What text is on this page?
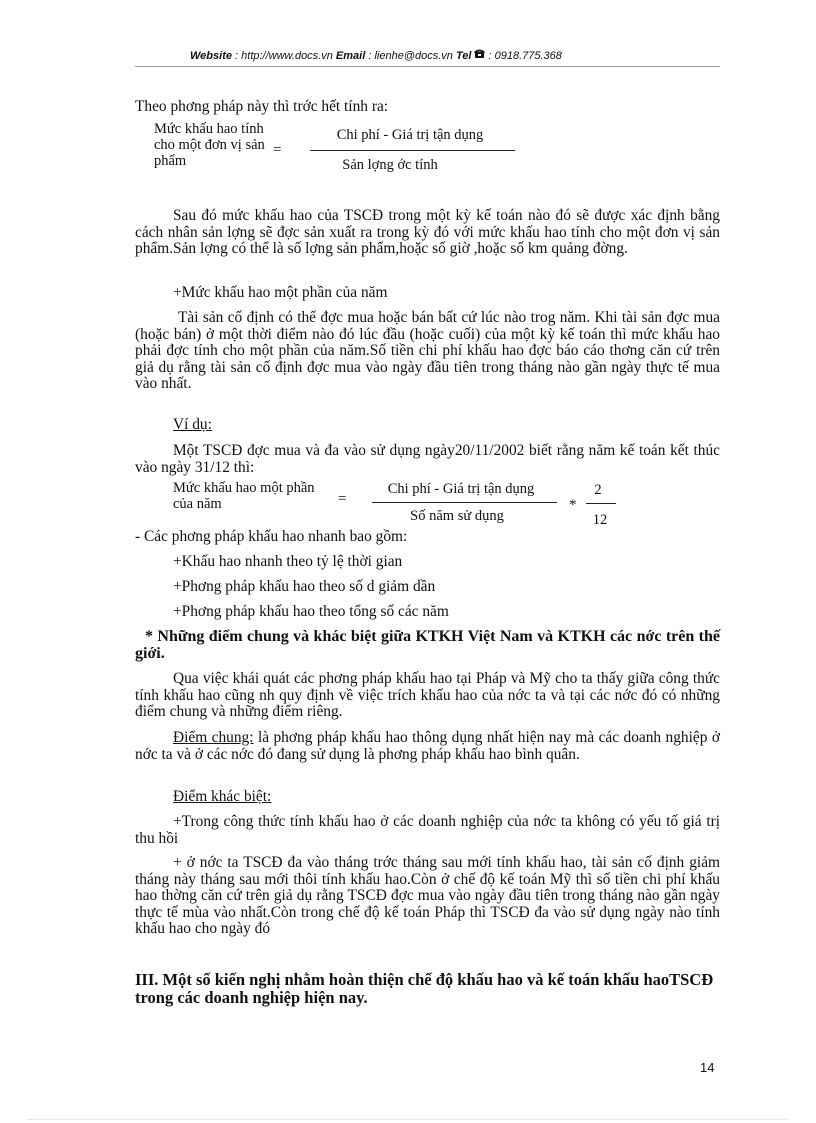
Website : http://www.docs.vn Email : lienhe@docs.vn Tel : 0918.775.368
Theo phơng pháp này thì trớc hết tính ra:
Mức khấu hao tính cho một đơn vị sản phẩm
=
Chi phí - Giá trị tận dụng
Sản lợng ớc tính

Sau đó mức khấu hao của TSCĐ trong một kỳ kế toán nào đó sẽ được xác định bằng cách nhân sản lợng sẽ đợc sản xuất ra trong kỳ đó với mức khấu hao tính cho một đơn vị sản phẩm.Sản lợng có thể là số lợng sản phẩm,hoặc số giờ ,hoặc số km quảng đờng.

+Mức khấu hao một phần của năm

Tài sản cố định có thể đợc mua hoặc bán bất cứ lúc nào trog năm. Khi tài sản đợc mua (hoặc bán) ở một thời điểm nào đó lúc đầu (hoặc cuối) của một kỳ kế toán thì mức khấu hao phải đợc tính cho một phần của năm.Số tiền chi phí khấu hao đợc báo cáo thơng căn cứ trên giả dụ rằng tài sản cố định đợc mua vào ngày đầu tiên trong tháng nào gần ngày thực tế mua vào nhất.

Ví dụ:

Một TSCĐ đợc mua và đa vào sử dụng ngày20/11/2002 biết rằng năm kế toán kết thúc vào ngày 31/12 thì:

Mức khấu hao một phần của năm	=
Chi phí - Giá trị tận dụng
Số năm sử dụng
*
2
12
- Các phơng pháp khấu hao nhanh bao gồm:
+Khấu hao nhanh theo tỷ lệ thời gian
+Phơng pháp khấu hao theo số d giảm dần
+Phơng pháp khấu hao theo tổng số các năm

* Những điểm chung và khác biệt giữa KTKH Việt Nam và KTKH các nớc trên thế giới.

Qua việc khái quát các phơng pháp khấu hao tại Pháp và Mỹ cho ta thấy giữa công thức tính khấu hao cũng nh quy định về việc trích khấu hao của nớc ta và tại các nớc đó có những điểm chung và những điểm riêng.

Điểm chung: là phơng pháp khấu hao thông dụng nhất hiện nay mà các doanh nghiệp ở nớc ta và ở các nớc đó đang sử dụng là phơng pháp khấu hao bình quân.

Điểm khác biệt:

+Trong công thức tính khấu hao ở các doanh nghiệp của nớc ta không có yếu tố giá trị thu hồi

+ ở nớc ta TSCĐ đa vào tháng trớc tháng sau mới tính khấu hao, tài sản cố định giảm tháng này tháng sau mới thôi tính khấu hao.Còn ở chế độ kế toán Mỹ thì số tiền chi phí khấu hao thờng căn cứ trên giả dụ rằng TSCĐ đợc mua vào ngày đầu tiên trong tháng nào gần ngày thực tế mùa vào nhất.Còn trong chế độ kế toán Pháp thì TSCĐ đa vào sử dụng ngày nào tính khấu hao cho ngày đó

III. Một số kiến nghị nhằm hoàn thiện chế độ khấu hao và kế toán khấu haoTSCĐ trong các doanh nghiệp hiện nay.

14
